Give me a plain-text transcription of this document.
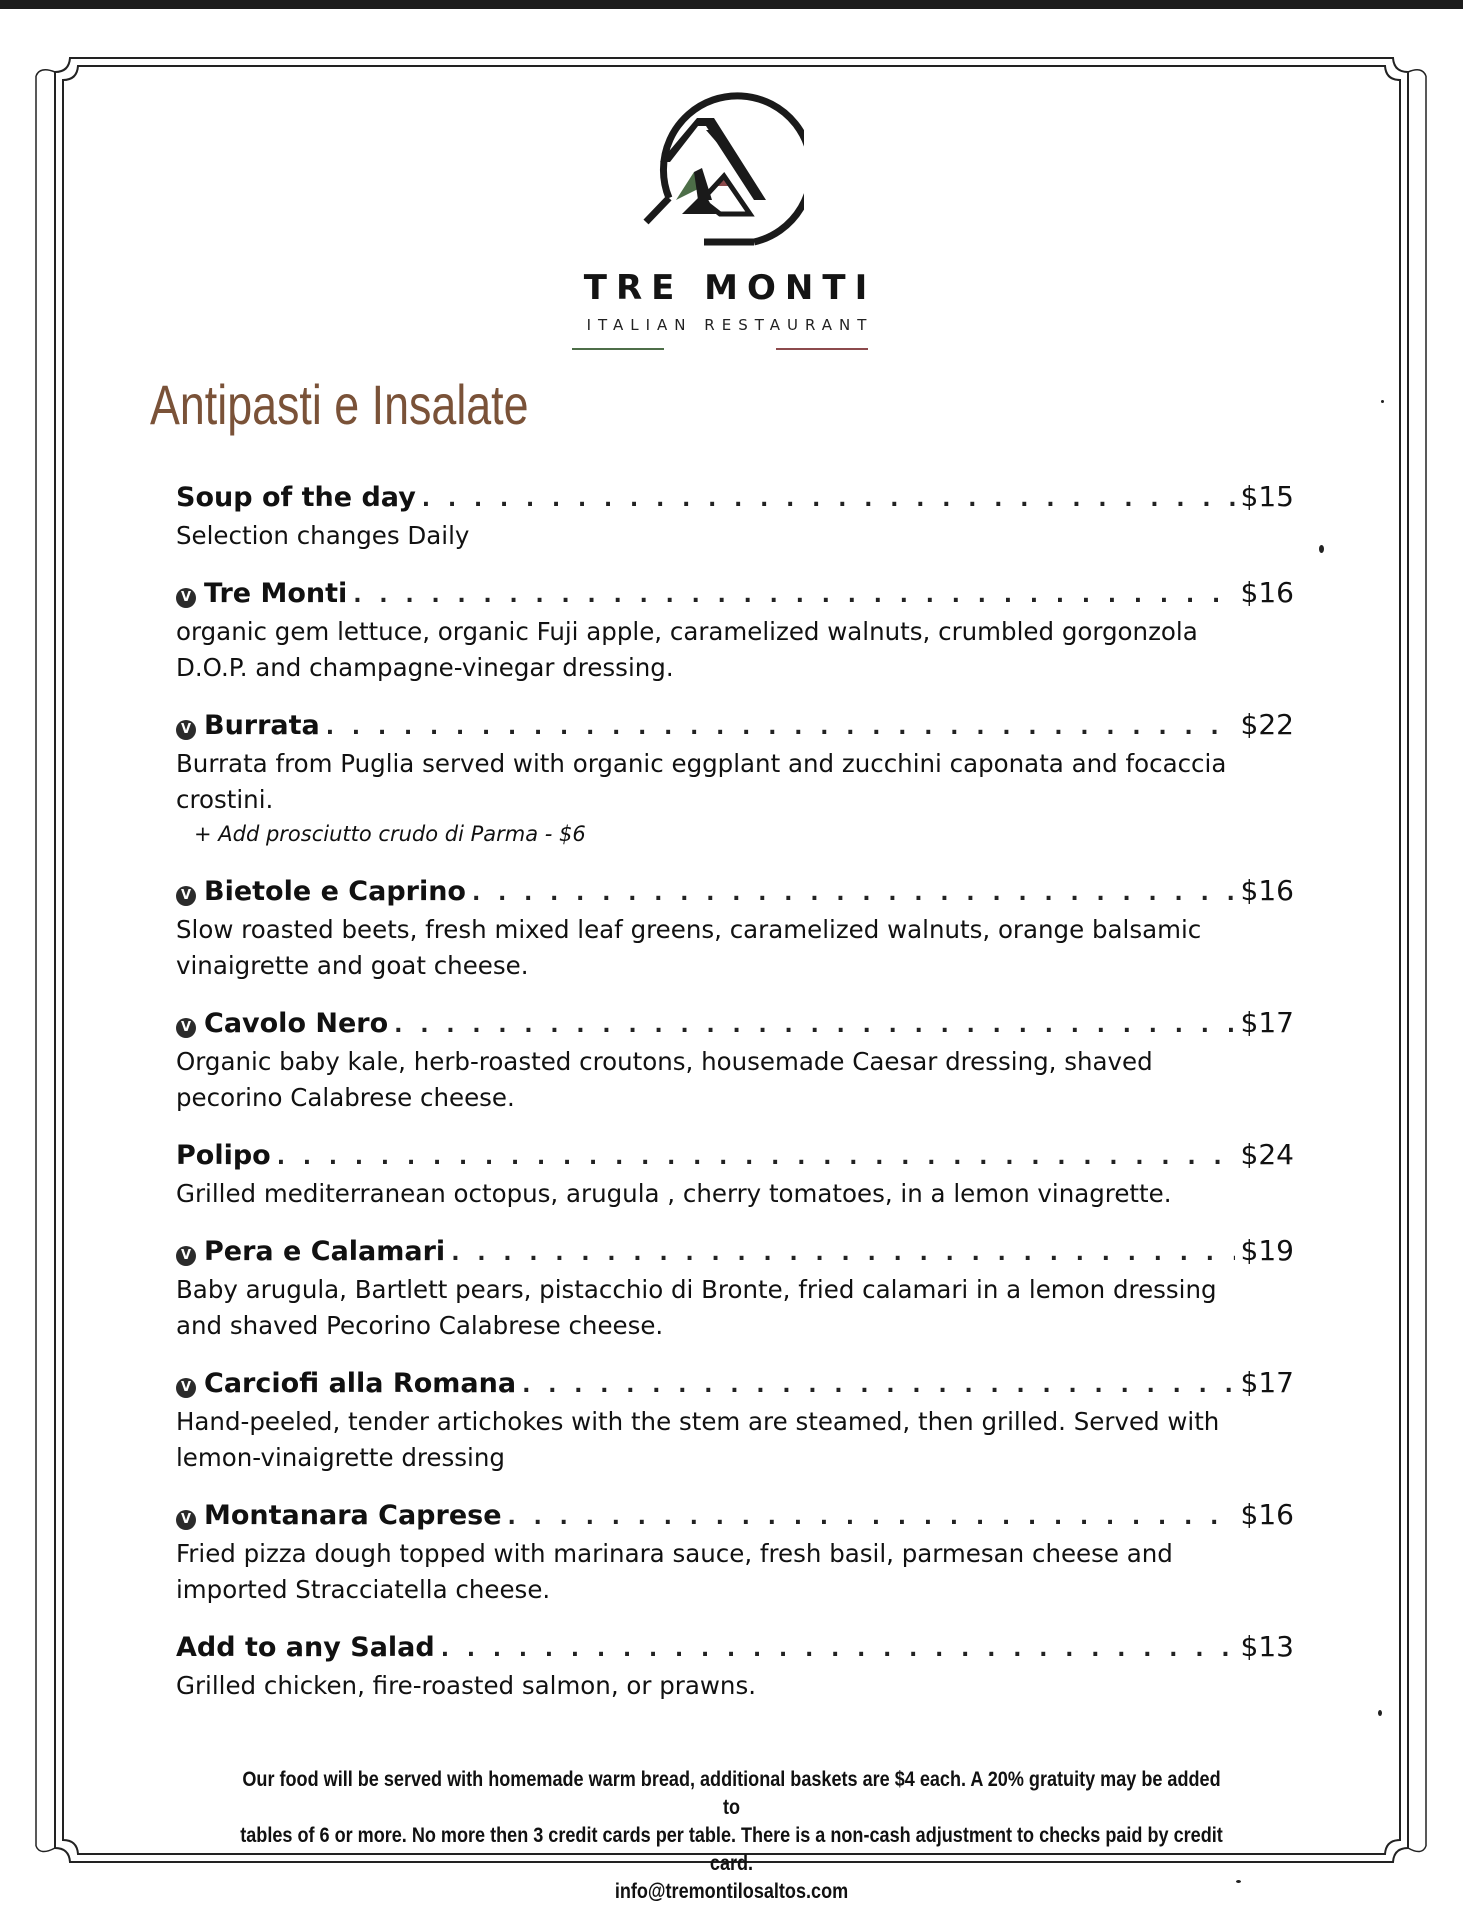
TRE MONTI
ITALIAN RESTAURANT
Antipasti e Insalate
Soup of the day . . .	$15
Selection changes Daily
V Tre Monti . . .	$16
organic gem lettuce, organic Fuji apple, caramelized walnuts, crumbled gorgonzola D.O.P. and champagne-vinegar dressing.
V Burrata . . .	$22
Burrata from Puglia served with organic eggplant and zucchini caponata and focaccia crostini.
+ Add prosciutto crudo di Parma - $6
V Bietole e Caprino . . .	$16
Slow roasted beets, fresh mixed leaf greens, caramelized walnuts, orange balsamic vinaigrette and goat cheese.
V Cavolo Nero . . .	$17
Organic baby kale, herb-roasted croutons, housemade Caesar dressing, shaved pecorino Calabrese cheese.
Polipo . . .	$24
Grilled mediterranean octopus, arugula , cherry tomatoes, in a lemon vinagrette.
V Pera e Calamari . . .	$19
Baby arugula, Bartlett pears, pistacchio di Bronte, fried calamari in a lemon dressing and shaved Pecorino Calabrese cheese.
V Carciofi alla Romana . . .	$17
Hand-peeled, tender artichokes with the stem are steamed, then grilled. Served with lemon-vinaigrette dressing
V Montanara Caprese . . .	$16
Fried pizza dough topped with marinara sauce, fresh basil, parmesan cheese and imported Stracciatella cheese.
Add to any Salad . . .	$13
Grilled chicken, fire-roasted salmon, or prawns.
Our food will be served with homemade warm bread, additional baskets are $4 each. A 20% gratuity may be added to
tables of 6 or more. No more then 3 credit cards per table. There is a non-cash adjustment to checks paid by credit card.
info@tremontilosaltos.com
